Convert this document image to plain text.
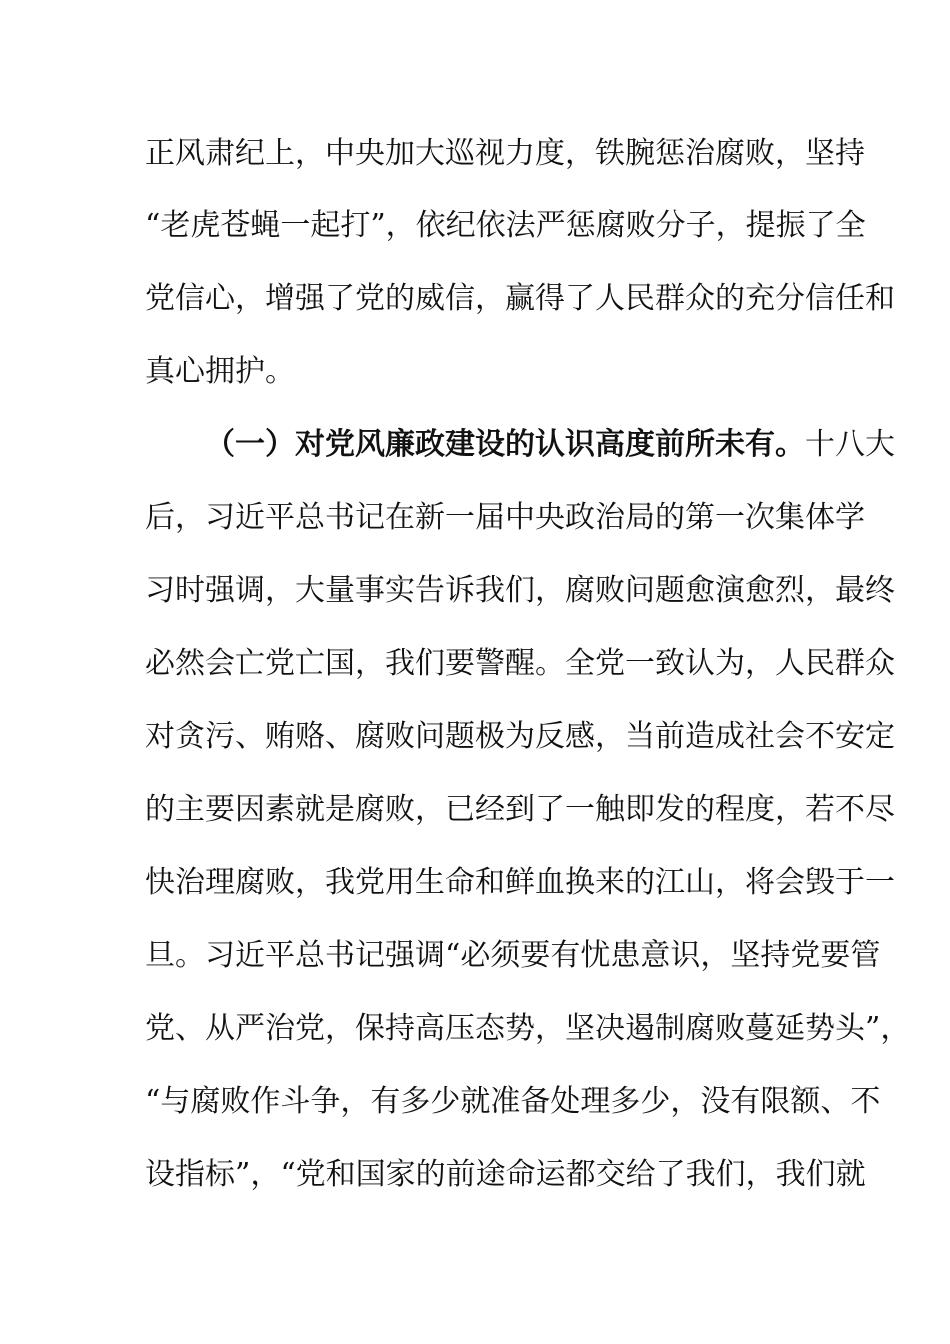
正风肃纪上，中央加大巡视力度，铁腕惩治腐败，坚持
“老虎苍蝇一起打”，依纪依法严惩腐败分子，提振了全
党信心，增强了党的威信，赢得了人民群众的充分信任和
真心拥护。
（一）对党风廉政建设的认识高度前所未有。十八大
后，习近平总书记在新一届中央政治局的第一次集体学
习时强调，大量事实告诉我们，腐败问题愈演愈烈，最终
必然会亡党亡国，我们要警醒。全党一致认为，人民群众
对贪污、贿赂、腐败问题极为反感，当前造成社会不安定
的主要因素就是腐败，已经到了一触即发的程度，若不尽
快治理腐败，我党用生命和鲜血换来的江山，将会毁于一
旦。习近平总书记强调“必须要有忧患意识，坚持党要管
党、从严治党，保持高压态势，坚决遏制腐败蔓延势头”，
“与腐败作斗争，有多少就准备处理多少，没有限额、不
设指标”，“党和国家的前途命运都交给了我们，我们就
